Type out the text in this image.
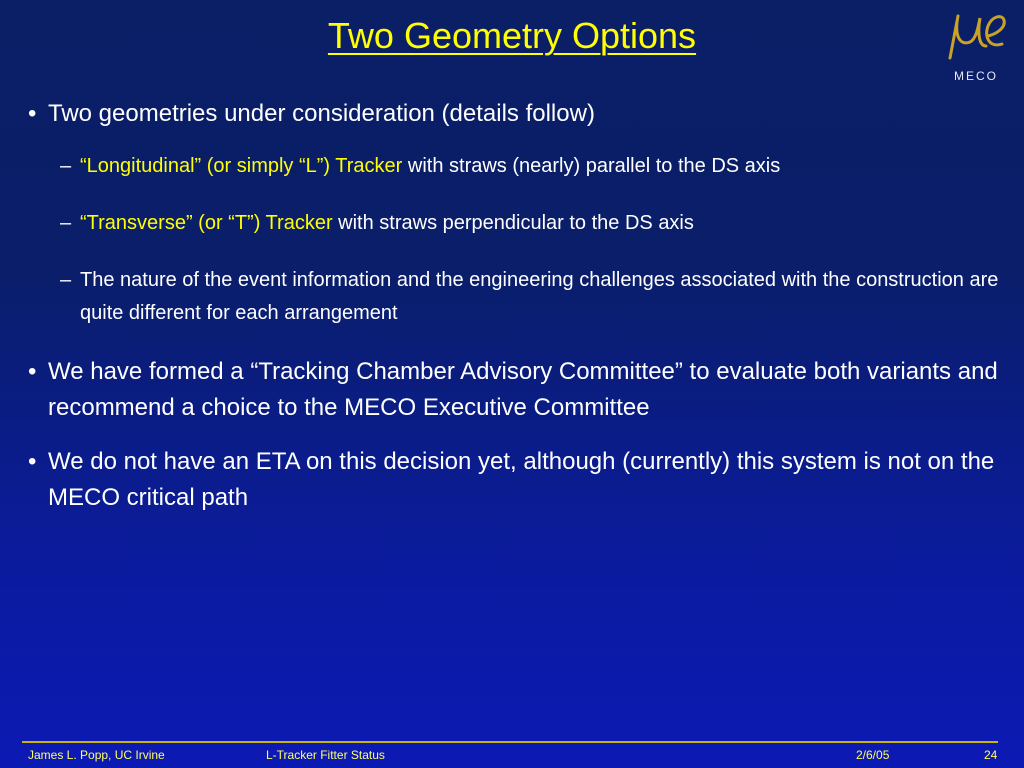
Two Geometry Options
MECO
• Two geometries under consideration (details follow)
– “Longitudinal” (or simply “L”) Tracker with straws (nearly) parallel to the DS axis
– “Transverse” (or “T”) Tracker with straws perpendicular to the DS axis
– The nature of the event information and the engineering challenges associated with the construction are quite different for each arrangement
• We have formed a “Tracking Chamber Advisory Committee” to evaluate both variants and recommend a choice to the MECO Executive Committee
• We do not have an ETA on this decision yet, although (currently) this system is not on the MECO critical path
James L. Popp, UC Irvine	L-Tracker Fitter Status	2/6/05	24
